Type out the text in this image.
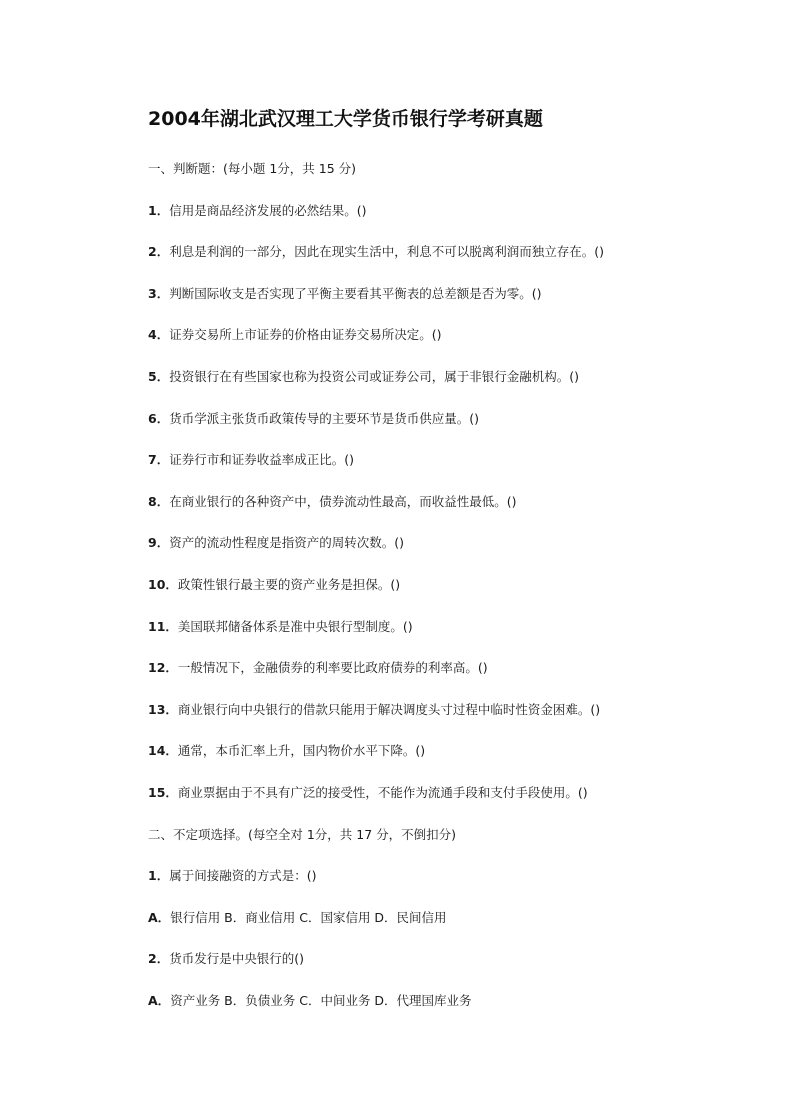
2004年湖北武汉理工大学货币银行学考研真题
一、判断题：(每小题 1分，共 15 分)
1．信用是商品经济发展的必然结果。()
2．利息是利润的一部分，因此在现实生活中，利息不可以脱离利润而独立存在。()
3．判断国际收支是否实现了平衡主要看其平衡表的总差额是否为零。()
4．证券交易所上市证券的价格由证券交易所决定。()
5．投资银行在有些国家也称为投资公司或证券公司，属于非银行金融机构。()
6．货币学派主张货币政策传导的主要环节是货币供应量。()
7．证券行市和证券收益率成正比。()
8．在商业银行的各种资产中，债券流动性最高，而收益性最低。()
9．资产的流动性程度是指资产的周转次数。()
10．政策性银行最主要的资产业务是担保。()
11．美国联邦储备体系是准中央银行型制度。()
12．一般情况下，金融债券的利率要比政府债券的利率高。()
13．商业银行向中央银行的借款只能用于解决调度头寸过程中临时性资金困难。()
14．通常，本币汇率上升，国内物价水平下降。()
15．商业票据由于不具有广泛的接受性，不能作为流通手段和支付手段使用。()
二、不定项选择。(每空全对 1分，共 17 分，不倒扣分)
1．属于间接融资的方式是：()
A．银行信用 B．商业信用 C．国家信用 D．民间信用
2．货币发行是中央银行的()
A．资产业务 B．负债业务 C．中间业务 D．代理国库业务
